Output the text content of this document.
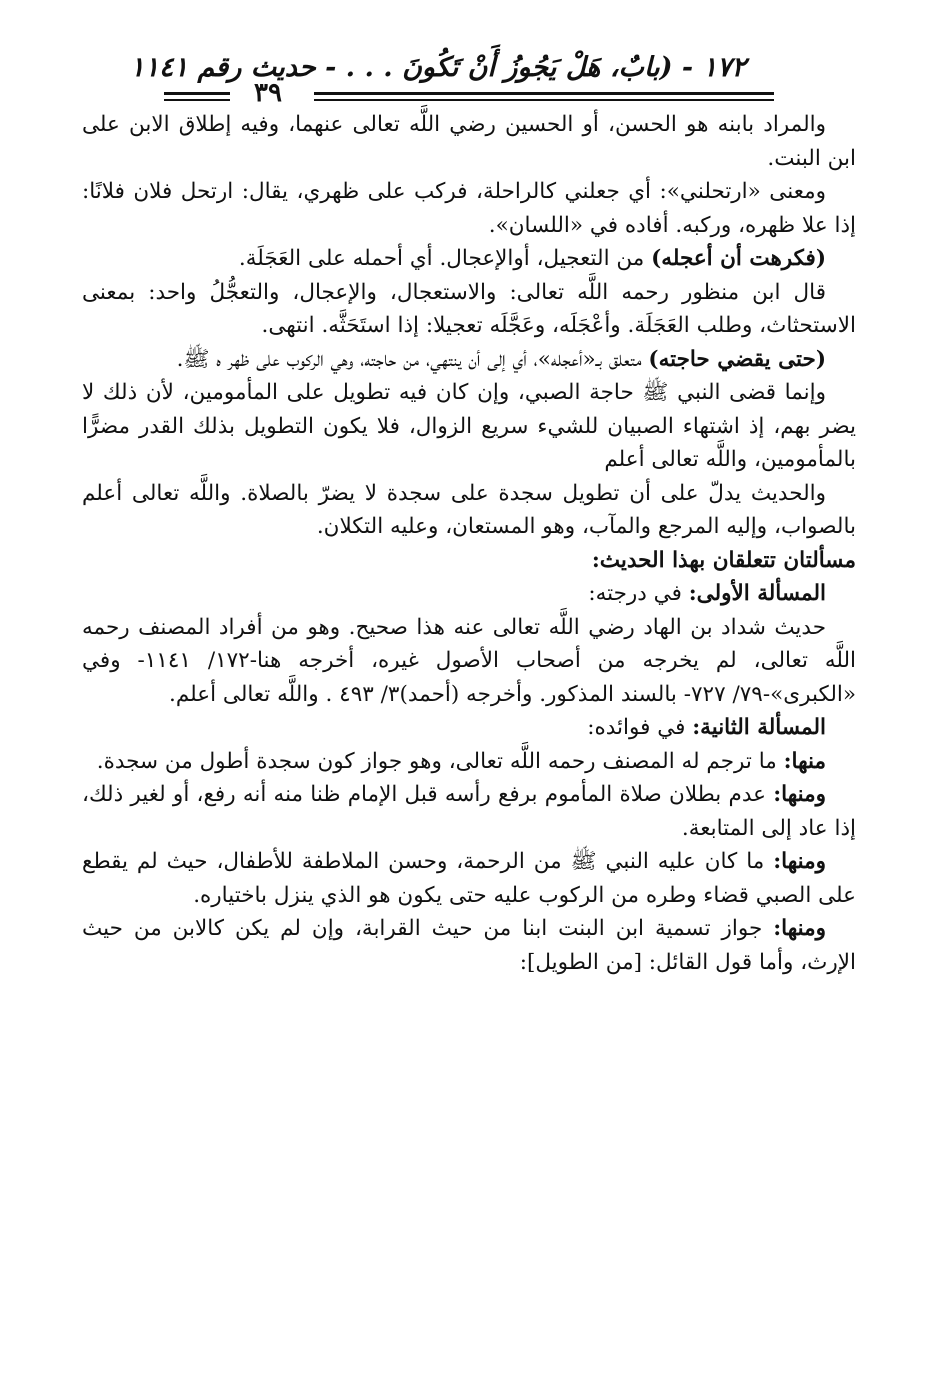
١٧٢ - (بابٌ، هَلْ يَجُوزُ أَنْ تَكُونَ . . . - حديث رقم ١١٤١
٣٩

والمراد بابنه هو الحسن، أو الحسين رضي اللَّه تعالى عنهما، وفيه إطلاق الابن على ابن البنت.

ومعنى «ارتحلني»: أي جعلني كالراحلة، فركب على ظهري، يقال: ارتحل فلان فلانًا: إذا علا ظهره، وركبه. أفاده في «اللسان».

(فكرهت أن أعجله) من التعجيل، أوالإعجال. أي أحمله على العَجَلَة.

قال ابن منظور رحمه اللَّه تعالى: والاستعجال، والإعجال، والتعجُّلُ واحد: بمعنى الاستحثاث، وطلب العَجَلَة. وأعْجَلَه، وعَجَّلَه تعجيلا: إذا استَحَثَّه. انتهى.

(حتى يقضي حاجته) متعلق بـ«أعجله»، أي إلى أن ينتهي، من حاجته، وهي الركوب على ظهر ه ﷺ.

وإنما قضى النبي ﷺ حاجة الصبي، وإن كان فيه تطويل على المأمومين، لأن ذلك لا يضر بهم، إذ اشتهاء الصبيان للشيء سريع الزوال، فلا يكون التطويل بذلك القدر مضرًّا بالمأمومين، واللَّه تعالى أعلم

والحديث يدلّ على أن تطويل سجدة على سجدة لا يضرّ بالصلاة. واللَّه تعالى أعلم بالصواب، وإليه المرجع والمآب، وهو المستعان، وعليه التكلان.

مسألتان تتعلقان بهذا الحديث:

المسألة الأولى: في درجته:

حديث شداد بن الهاد رضي اللَّه تعالى عنه هذا صحيح. وهو من أفراد المصنف رحمه اللَّه تعالى، لم يخرجه من أصحاب الأصول غيره، أخرجه هنا-١٧٢/ ١١٤١- وفي «الكبرى»-٧٩/ ٧٢٧- بالسند المذكور. وأخرجه (أحمد)٣/ ٤٩٣ . واللَّه تعالى أعلم.

المسألة الثانية: في فوائده:

منها: ما ترجم له المصنف رحمه اللَّه تعالى، وهو جواز كون سجدة أطول من سجدة.

ومنها: عدم بطلان صلاة المأموم برفع رأسه قبل الإمام ظنا منه أنه رفع، أو لغير ذلك، إذا عاد إلى المتابعة.

ومنها: ما كان عليه النبي ﷺ من الرحمة، وحسن الملاطفة للأطفال، حيث لم يقطع على الصبي قضاء وطره من الركوب عليه حتى يكون هو الذي ينزل باختياره.

ومنها: جواز تسمية ابن البنت ابنا من حيث القرابة، وإن لم يكن كالابن من حيث الإرث، وأما قول القائل: [من الطويل]:
